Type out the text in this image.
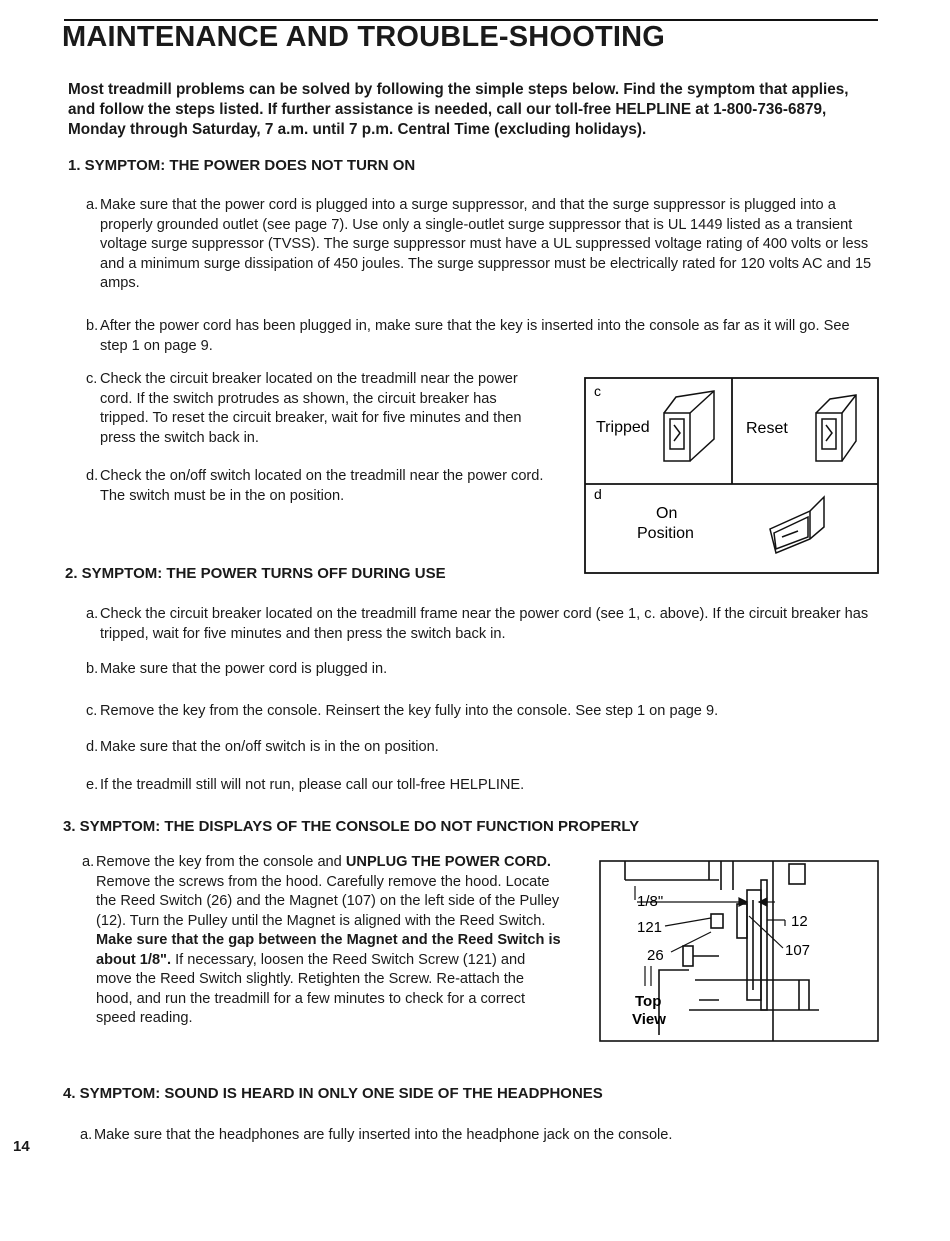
MAINTENANCE AND TROUBLE-SHOOTING
Most treadmill problems can be solved by following the simple steps below. Find the symptom that applies, and follow the steps listed. If further assistance is needed, call our toll-free HELPLINE at 1-800-736-6879, Monday through Saturday, 7 a.m. until 7 p.m. Central Time (excluding holidays).
1. SYMPTOM: THE POWER DOES NOT TURN ON
a. Make sure that the power cord is plugged into a surge suppressor, and that the surge suppressor is plugged into a properly grounded outlet (see page 7). Use only a single-outlet surge suppressor that is UL 1449 listed as a transient voltage surge suppressor (TVSS). The surge suppressor must have a UL suppressed voltage rating of 400 volts or less and a minimum surge dissipation of 450 joules. The surge suppressor must be electrically rated for 120 volts AC and 15 amps.
b. After the power cord has been plugged in, make sure that the key is inserted into the console as far as it will go. See step 1 on page 9.
c. Check the circuit breaker located on the treadmill near the power cord. If the switch protrudes as shown, the circuit breaker has tripped. To reset the circuit breaker, wait for five minutes and then press the switch back in.
d. Check the on/off switch located on the treadmill near the power cord. The switch must be in the on position.
c
Tripped	Reset
d
On
Position
2. SYMPTOM: THE POWER TURNS OFF DURING USE
a. Check the circuit breaker located on the treadmill frame near the power cord (see 1, c. above). If the circuit breaker has tripped, wait for five minutes and then press the switch back in.
b. Make sure that the power cord is plugged in.
c. Remove the key from the console. Reinsert the key fully into the console. See step 1 on page 9.
d. Make sure that the on/off switch is in the on position.
e. If the treadmill still will not run, please call our toll-free HELPLINE.
3. SYMPTOM: THE DISPLAYS OF THE CONSOLE DO NOT FUNCTION PROPERLY
a. Remove the key from the console and UNPLUG THE POWER CORD. Remove the screws from the hood. Carefully remove the hood. Locate the Reed Switch (26) and the Magnet (107) on the left side of the Pulley (12). Turn the Pulley until the Magnet is aligned with the Reed Switch. Make sure that the gap between the Magnet and the Reed Switch is about 1/8". If necessary, loosen the Reed Switch Screw (121) and move the Reed Switch slightly. Retighten the Screw. Re-attach the hood, and run the treadmill for a few minutes to check for a correct speed reading.
1/8"
121
26
12
107
Top
View
4. SYMPTOM: SOUND IS HEARD IN ONLY ONE SIDE OF THE HEADPHONES
a. Make sure that the headphones are fully inserted into the headphone jack on the console.
14
